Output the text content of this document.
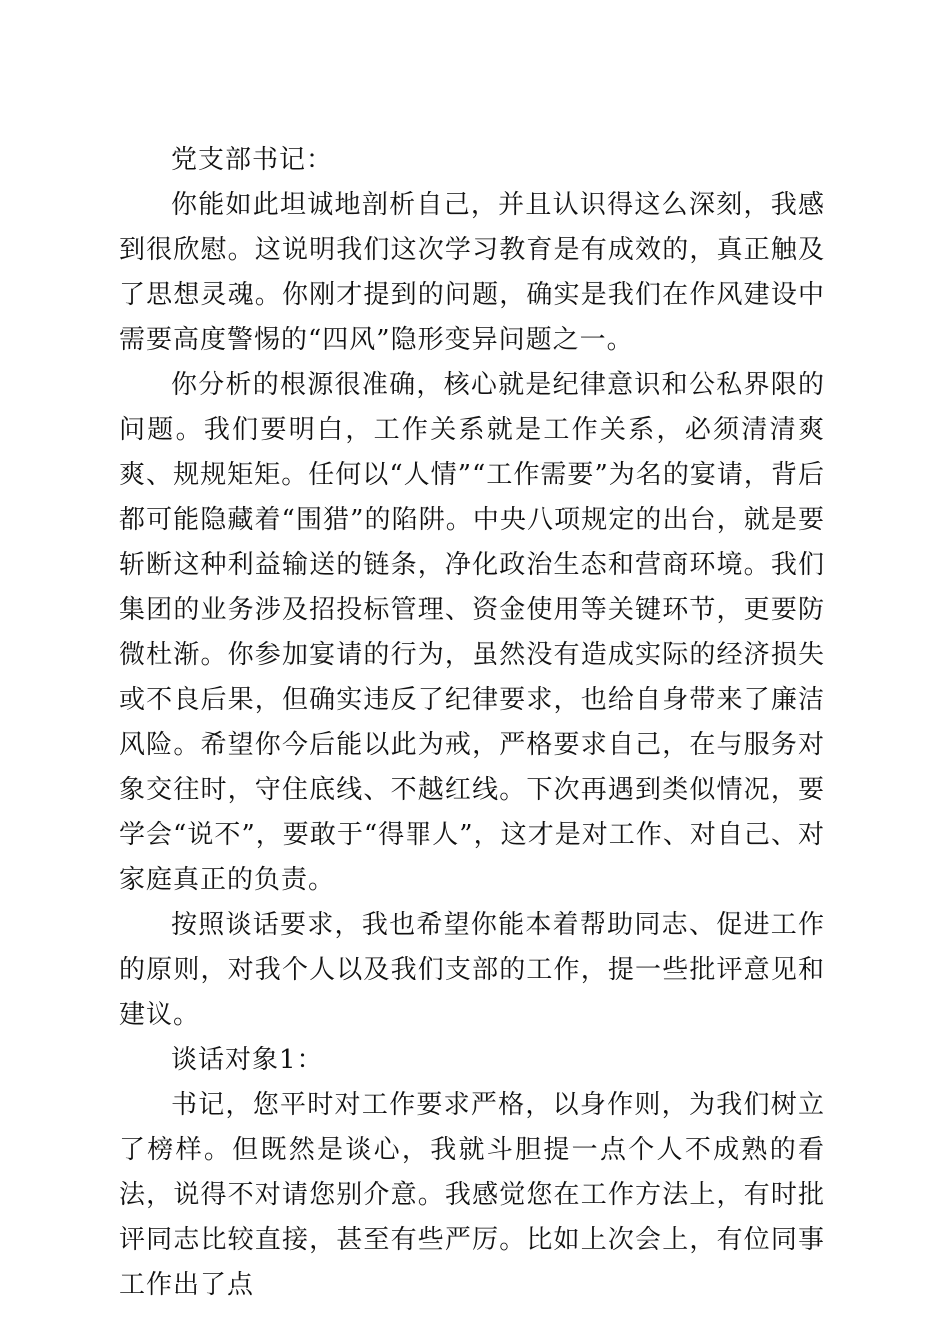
党支部书记：

你能如此坦诚地剖析自己，并且认识得这么深刻，我感到很欣慰。这说明我们这次学习教育是有成效的，真正触及了思想灵魂。你刚才提到的问题，确实是我们在作风建设中需要高度警惕的“四风”隐形变异问题之一。

你分析的根源很准确，核心就是纪律意识和公私界限的问题。我们要明白，工作关系就是工作关系，必须清清爽爽、规规矩矩。任何以“人情”“工作需要”为名的宴请，背后都可能隐藏着“围猎”的陷阱。中央八项规定的出台，就是要斩断这种利益输送的链条，净化政治生态和营商环境。我们集团的业务涉及招投标管理、资金使用等关键环节，更要防微杜渐。你参加宴请的行为，虽然没有造成实际的经济损失或不良后果，但确实违反了纪律要求，也给自身带来了廉洁风险。希望你今后能以此为戒，严格要求自己，在与服务对象交往时，守住底线、不越红线。下次再遇到类似情况，要学会“说不”，要敢于“得罪人”，这才是对工作、对自己、对家庭真正的负责。

按照谈话要求，我也希望你能本着帮助同志、促进工作的原则，对我个人以及我们支部的工作，提一些批评意见和建议。

谈话对象1：

书记，您平时对工作要求严格，以身作则，为我们树立了榜样。但既然是谈心，我就斗胆提一点个人不成熟的看法，说得不对请您别介意。我感觉您在工作方法上，有时批评同志比较直接，甚至有些严厉。比如上次会上，有位同事工作出了点
